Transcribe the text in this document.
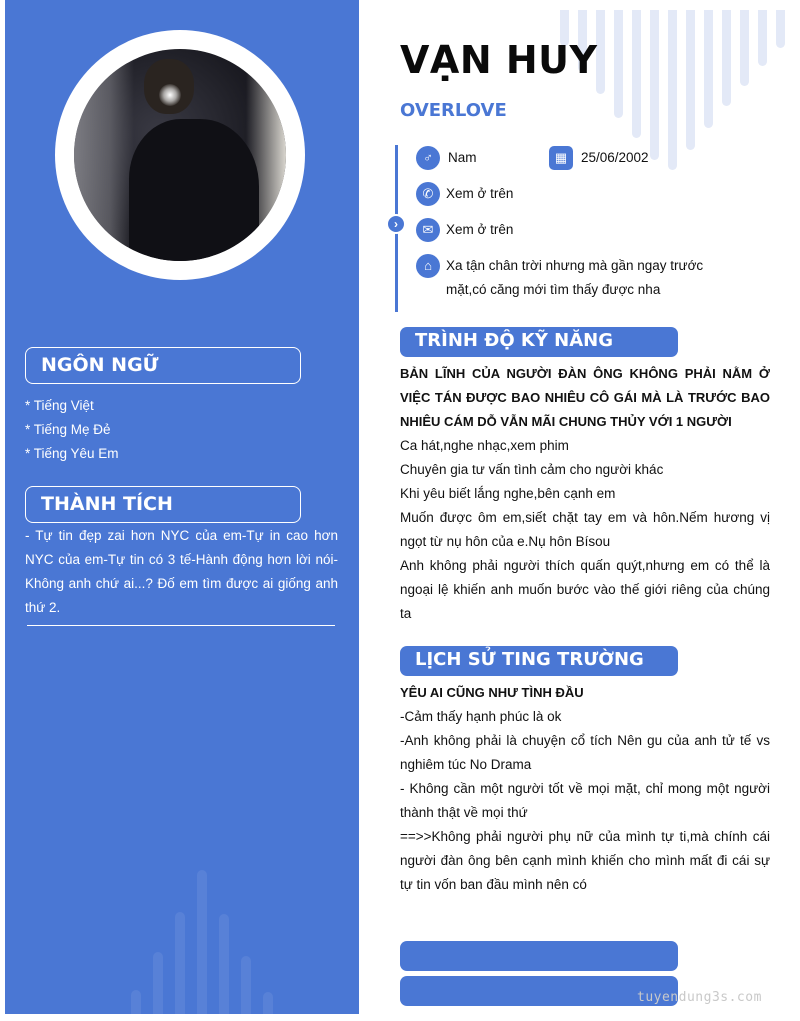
NGÔN NGỮ
* Tiếng Việt
* Tiếng Mẹ Đẻ
* Tiếng Yêu Em
THÀNH TÍCH
- Tự tin đẹp zai hơn NYC của em-Tự in cao hơn NYC của em-Tự tin có 3 tế-Hành động hơn lời nói-Không anh chứ ai...? Đố em tìm được ai giống anh thứ 2.
VẠN HUY
OVERLOVE
›
♂	Nam	▦	25/06/2002
✆ Xem ở trên
✉ Xem ở trên
⌂	Xa tận chân trời nhưng mà gần ngay trước
mặt,có căng mới tìm thấy được nha
TRÌNH ĐỘ KỸ NĂNG
BẢN LĨNH CỦA NGƯỜI ĐÀN ÔNG KHÔNG PHẢI NẰM Ở VIỆC TÁN ĐƯỢC BAO NHIÊU CÔ GÁI MÀ LÀ TRƯỚC BAO NHIÊU CÁM DỖ VẪN MÃI CHUNG THỦY VỚI 1 NGƯỜI
Ca hát,nghe nhạc,xem phim
Chuyên gia tư vấn tình cảm cho người khác
Khi yêu biết lắng nghe,bên cạnh em
Muốn được ôm em,siết chặt tay em và hôn.Nếm hương vị ngọt từ nụ hôn của e.Nụ hôn Bísou
Anh không phải người thích quấn quýt,nhưng em có thể là ngoại lệ khiến anh muốn bước vào thế giới riêng của chúng ta
LỊCH SỬ TING TRƯỜNG
YÊU AI CŨNG NHƯ TÌNH ĐẦU
-Cảm thấy hạnh phúc là ok
-Anh không phải là chuyện cổ tích Nên gu của anh tử tế vs nghiêm túc No Drama
- Không cần một người tốt về mọi mặt, chỉ mong một người thành thật về mọi thứ
==>>Không phải người phụ nữ của mình tự ti,mà chính cái người đàn ông bên cạnh mình khiến cho mình mất đi cái sự tự tin vốn ban đầu mình nên có
tuyendung3s.com
